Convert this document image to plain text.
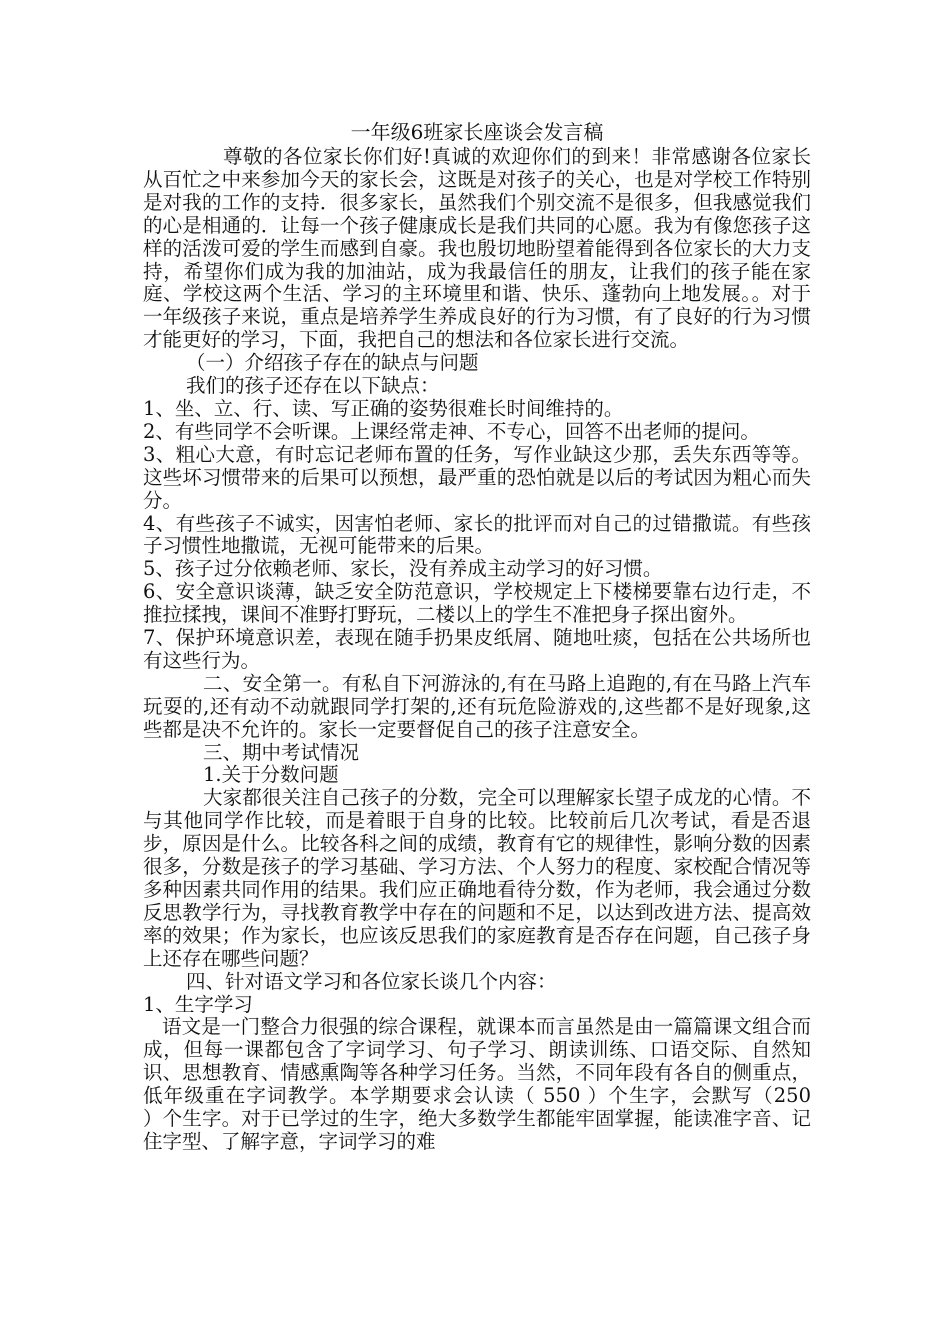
一年级6班家长座谈会发言稿

尊敬的各位家长你们好!真诚的欢迎你们的到来！非常感谢各位家长从百忙之中来参加今天的家长会，这既是对孩子的关心，也是对学校工作特别是对我的工作的支持．很多家长，虽然我们个别交流不是很多，但我感觉我们的心是相通的．让每一个孩子健康成长是我们共同的心愿。我为有像您孩子这样的活泼可爱的学生而感到自豪。我也殷切地盼望着能得到各位家长的大力支持，希望你们成为我的加油站，成为我最信任的朋友，让我们的孩子能在家庭、学校这两个生活、学习的主环境里和谐、快乐、蓬勃向上地发展。。对于一年级孩子来说，重点是培养学生养成良好的行为习惯，有了良好的行为习惯才能更好的学习，下面，我把自己的想法和各位家长进行交流。

（一）介绍孩子存在的缺点与问题

我们的孩子还存在以下缺点：

1、坐、立、行、读、写正确的姿势很难长时间维持的。

2、有些同学不会听课。上课经常走神、不专心，回答不出老师的提问。

3、粗心大意，有时忘记老师布置的任务，写作业缺这少那，丢失东西等等。这些坏习惯带来的后果可以预想，最严重的恐怕就是以后的考试因为粗心而失分。

4、有些孩子不诚实，因害怕老师、家长的批评而对自己的过错撒谎。有些孩子习惯性地撒谎，无视可能带来的后果。

5、孩子过分依赖老师、家长，没有养成主动学习的好习惯。

6、安全意识谈薄，缺乏安全防范意识，学校规定上下楼梯要靠右边行走，不推拉揉拽，课间不准野打野玩，二楼以上的学生不准把身子探出窗外。

7、保护环境意识差，表现在随手扔果皮纸屑、随地吐痰，包括在公共场所也有这些行为。

二、安全第一。有私自下河游泳的,有在马路上追跑的,有在马路上汽车玩耍的,还有动不动就跟同学打架的,还有玩危险游戏的,这些都不是好现象,这些都是决不允许的。家长一定要督促自己的孩子注意安全。

三、期中考试情况

1.关于分数问题

大家都很关注自己孩子的分数，完全可以理解家长望子成龙的心情。不与其他同学作比较，而是着眼于自身的比较。比较前后几次考试，看是否退步，原因是什么。比较各科之间的成绩，教育有它的规律性，影响分数的因素很多，分数是孩子的学习基础、学习方法、个人努力的程度、家校配合情况等多种因素共同作用的结果。我们应正确地看待分数，作为老师，我会通过分数反思教学行为，寻找教育教学中存在的问题和不足，以达到改进方法、提高效率的效果；作为家长，也应该反思我们的家庭教育是否存在问题，自己孩子身上还存在哪些问题？

四、针对语文学习和各位家长谈几个内容：

1、生字学习

语文是一门整合力很强的综合课程，就课本而言虽然是由一篇篇课文组合而成，但每一课都包含了字词学习、句子学习、朗读训练、口语交际、自然知识、思想教育、情感熏陶等各种学习任务。当然，不同年段有各自的侧重点，低年级重在字词教学。本学期要求会认读（ 550 ）个生字，会默写（250　 ）个生字。对于已学过的生字，绝大多数学生都能牢固掌握，能读准字音、记住字型、了解字意，字词学习的难
